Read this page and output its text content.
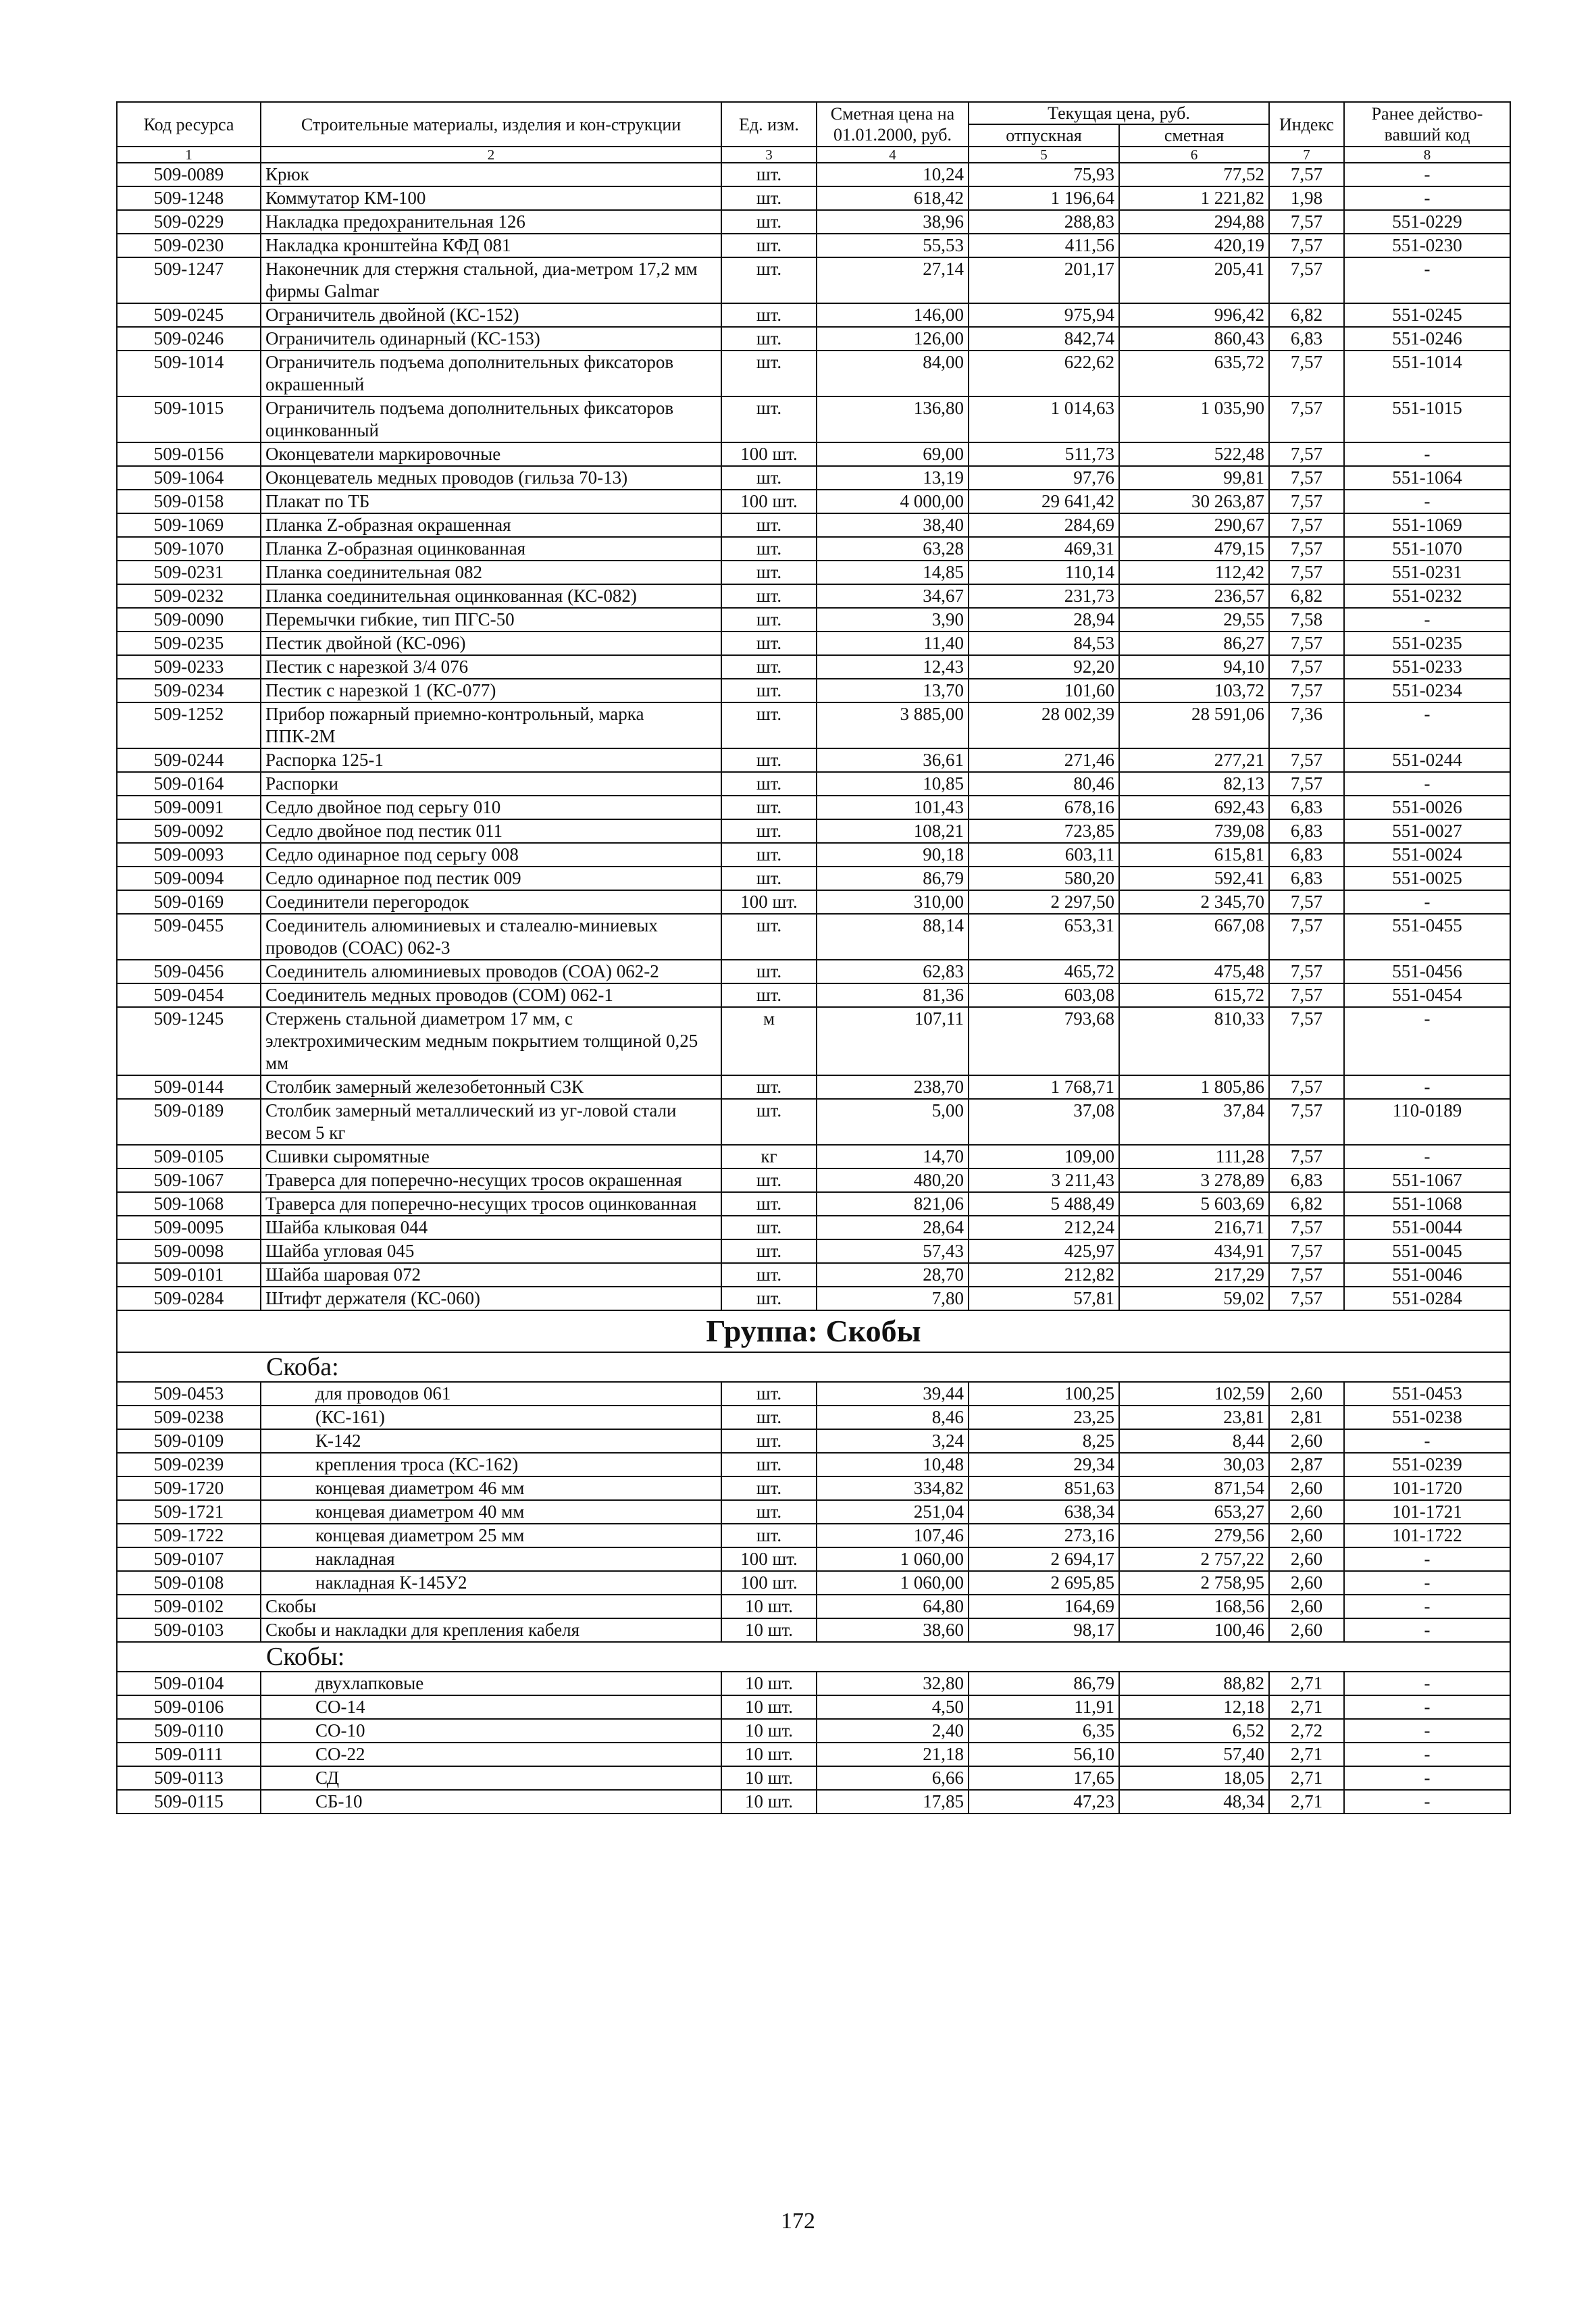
Код ресурса	Строительные материалы, изделия и кон-струкции	Ед. изм.	Сметная цена на 01.01.2000, руб.	Текущая цена, руб.		Индекс	Ранее действо-вавший код
				отпускная	сметная		
1	2	3	4	5	6	7	8
509-0089	Крюк	шт.	10,24	75,93	77,52	7,57	-
509-1248	Коммутатор КМ-100	шт.	618,42	1 196,64	1 221,82	1,98	-
509-0229	Накладка предохранительная 126	шт.	38,96	288,83	294,88	7,57	551-0229
509-0230	Накладка кронштейна КФД 081	шт.	55,53	411,56	420,19	7,57	551-0230
509-1247	Наконечник для стержня стальной, диа-метром 17,2 мм фирмы Galmar	шт.	27,14	201,17	205,41	7,57	-
509-0245	Ограничитель двойной (КС-152)	шт.	146,00	975,94	996,42	6,82	551-0245
509-0246	Ограничитель одинарный (КС-153)	шт.	126,00	842,74	860,43	6,83	551-0246
509-1014	Ограничитель подъема дополнительных фиксаторов окрашенный	шт.	84,00	622,62	635,72	7,57	551-1014
509-1015	Ограничитель подъема дополнительных фиксаторов оцинкованный	шт.	136,80	1 014,63	1 035,90	7,57	551-1015
509-0156	Оконцеватели маркировочные	100 шт.	69,00	511,73	522,48	7,57	-
509-1064	Оконцеватель медных проводов (гильза 70-13)	шт.	13,19	97,76	99,81	7,57	551-1064
509-0158	Плакат по ТБ	100 шт.	4 000,00	29 641,42	30 263,87	7,57	-
509-1069	Планка Z-образная окрашенная	шт.	38,40	284,69	290,67	7,57	551-1069
509-1070	Планка Z-образная оцинкованная	шт.	63,28	469,31	479,15	7,57	551-1070
509-0231	Планка соединительная 082	шт.	14,85	110,14	112,42	7,57	551-0231
509-0232	Планка соединительная оцинкованная (КС-082)	шт.	34,67	231,73	236,57	6,82	551-0232
509-0090	Перемычки гибкие, тип ПГС-50	шт.	3,90	28,94	29,55	7,58	-
509-0235	Пестик двойной (КС-096)	шт.	11,40	84,53	86,27	7,57	551-0235
509-0233	Пестик с нарезкой 3/4 076	шт.	12,43	92,20	94,10	7,57	551-0233
509-0234	Пестик с нарезкой 1 (КС-077)	шт.	13,70	101,60	103,72	7,57	551-0234
509-1252	Прибор пожарный приемно-контрольный, марка ППК-2М	шт.	3 885,00	28 002,39	28 591,06	7,36	-
509-0244	Распорка 125-1	шт.	36,61	271,46	277,21	7,57	551-0244
509-0164	Распорки	шт.	10,85	80,46	82,13	7,57	-
509-0091	Седло двойное под серьгу 010	шт.	101,43	678,16	692,43	6,83	551-0026
509-0092	Седло двойное под пестик 011	шт.	108,21	723,85	739,08	6,83	551-0027
509-0093	Седло одинарное под серьгу 008	шт.	90,18	603,11	615,81	6,83	551-0024
509-0094	Седло одинарное под пестик 009	шт.	86,79	580,20	592,41	6,83	551-0025
509-0169	Соединители перегородок	100 шт.	310,00	2 297,50	2 345,70	7,57	-
509-0455	Соединитель алюминиевых и сталеалю-миниевых проводов (СОАС) 062-3	шт.	88,14	653,31	667,08	7,57	551-0455
509-0456	Соединитель алюминиевых проводов (СОА) 062-2	шт.	62,83	465,72	475,48	7,57	551-0456
509-0454	Соединитель медных проводов (СОМ) 062-1	шт.	81,36	603,08	615,72	7,57	551-0454
509-1245	Стержень стальной диаметром 17 мм, с электрохимическим медным покрытием толщиной 0,25 мм	м	107,11	793,68	810,33	7,57	-
509-0144	Столбик замерный железобетонный СЗК	шт.	238,70	1 768,71	1 805,86	7,57	-
509-0189	Столбик замерный металлический из уг-ловой стали весом 5 кг	шт.	5,00	37,08	37,84	7,57	110-0189
509-0105	Сшивки сыромятные	кг	14,70	109,00	111,28	7,57	-
509-1067	Траверса для поперечно-несущих тросов окрашенная	шт.	480,20	3 211,43	3 278,89	6,83	551-1067
509-1068	Траверса для поперечно-несущих тросов оцинкованная	шт.	821,06	5 488,49	5 603,69	6,82	551-1068
509-0095	Шайба клыковая 044	шт.	28,64	212,24	216,71	7,57	551-0044
509-0098	Шайба угловая 045	шт.	57,43	425,97	434,91	7,57	551-0045
509-0101	Шайба шаровая 072	шт.	28,70	212,82	217,29	7,57	551-0046
509-0284	Штифт держателя (КС-060)	шт.	7,80	57,81	59,02	7,57	551-0284
Группа: Скобы							
Скоба:							
509-0453	для проводов 061	шт.	39,44	100,25	102,59	2,60	551-0453
509-0238	(КС-161)	шт.	8,46	23,25	23,81	2,81	551-0238
509-0109	К-142	шт.	3,24	8,25	8,44	2,60	-
509-0239	крепления троса (КС-162)	шт.	10,48	29,34	30,03	2,87	551-0239
509-1720	концевая диаметром 46 мм	шт.	334,82	851,63	871,54	2,60	101-1720
509-1721	концевая диаметром 40 мм	шт.	251,04	638,34	653,27	2,60	101-1721
509-1722	концевая диаметром 25 мм	шт.	107,46	273,16	279,56	2,60	101-1722
509-0107	накладная	100 шт.	1 060,00	2 694,17	2 757,22	2,60	-
509-0108	накладная К-145У2	100 шт.	1 060,00	2 695,85	2 758,95	2,60	-
509-0102	Скобы	10 шт.	64,80	164,69	168,56	2,60	-
509-0103	Скобы и накладки для крепления кабеля	10 шт.	38,60	98,17	100,46	2,60	-
Скобы:							
509-0104	двухлапковые	10 шт.	32,80	86,79	88,82	2,71	-
509-0106	СО-14	10 шт.	4,50	11,91	12,18	2,71	-
509-0110	СО-10	10 шт.	2,40	6,35	6,52	2,72	-
509-0111	СО-22	10 шт.	21,18	56,10	57,40	2,71	-
509-0113	СД	10 шт.	6,66	17,65	18,05	2,71	-
509-0115	СБ-10	10 шт.	17,85	47,23	48,34	2,71	-
172
